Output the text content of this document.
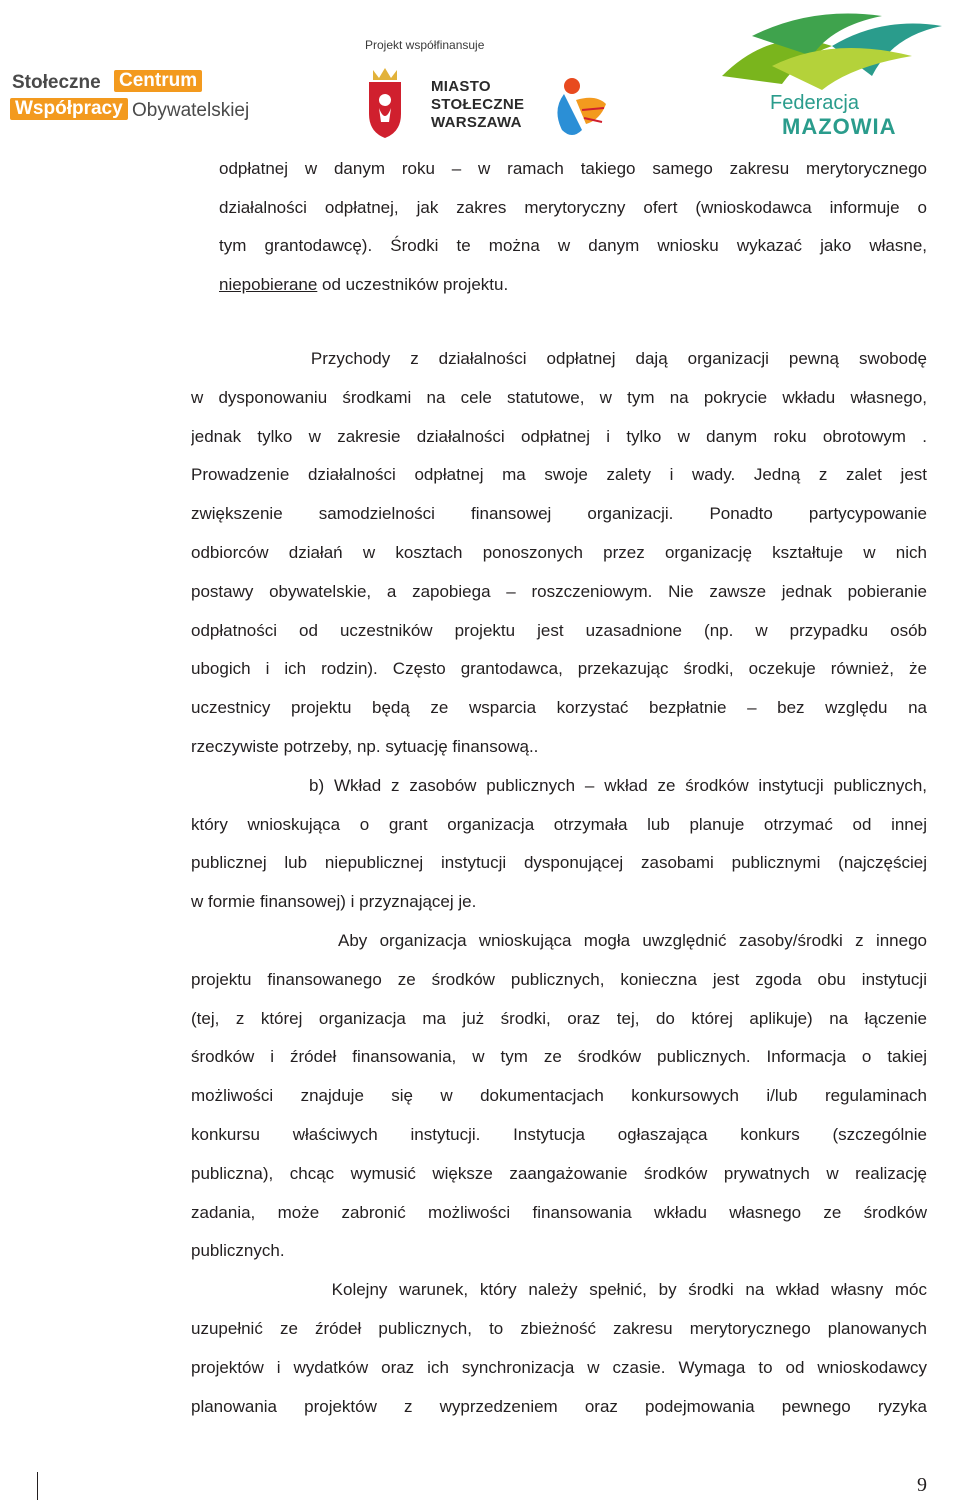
Stołeczne Centrum
Współpracy Obywatelskiej
Projekt współfinansuje
MIASTO
STOŁECZNE
WARSZAWA
Federacja
MAZOWIA
odpłatnej w danym roku – w ramach takiego samego zakresu merytorycznego
działalności odpłatnej, jak zakres merytoryczny ofert (wnioskodawca informuje o
tym grantodawcę). Środki te można w danym wniosku wykazać jako własne,
niepobierane od uczestników projektu.
Przychody  z  działalności  odpłatnej  dają  organizacji  pewną  swobodę
w dysponowaniu środkami na cele statutowe, w tym na pokrycie wkładu własnego,
jednak tylko w zakresie działalności odpłatnej i tylko w danym roku obrotowym .
Prowadzenie działalności odpłatnej ma swoje zalety i wady. Jedną z zalet jest
zwiększenie samodzielności finansowej organizacji. Ponadto partycypowanie
odbiorców działań w kosztach ponoszonych przez organizację kształtuje w nich
postawy obywatelskie, a zapobiega – roszczeniowym. Nie zawsze jednak pobieranie
odpłatności od uczestników projektu jest uzasadnione (np. w przypadku osób
ubogich i ich rodzin). Często grantodawca, przekazując środki, oczekuje również, że
uczestnicy projektu będą ze wsparcia korzystać bezpłatnie – bez względu na
rzeczywiste potrzeby, np. sytuację finansową..
b) Wkład z zasobów publicznych – wkład ze środków instytucji publicznych,
który wnioskująca o grant organizacja otrzymała lub planuje otrzymać od innej
publicznej lub niepublicznej instytucji dysponującej zasobami publicznymi (najczęściej
w formie finansowej) i przyznającej je.
Aby organizacja wnioskująca mogła uwzględnić zasoby/środki z innego
projektu finansowanego ze środków publicznych, konieczna jest zgoda obu instytucji
(tej, z której organizacja ma już środki, oraz tej, do której aplikuje) na łączenie
środków i źródeł finansowania, w tym ze środków publicznych. Informacja o takiej
możliwości znajduje się w dokumentacjach konkursowych i/lub regulaminach
konkursu właściwych instytucji. Instytucja ogłaszająca konkurs (szczególnie
publiczna), chcąc wymusić większe zaangażowanie środków prywatnych w realizację
zadania, może zabronić możliwości finansowania wkładu własnego ze środków
publicznych.
Kolejny warunek, który należy spełnić, by środki na wkład własny móc
uzupełnić ze źródeł publicznych, to zbieżność zakresu merytorycznego planowanych
projektów i wydatków oraz ich synchronizacja w czasie. Wymaga to od wnioskodawcy
planowania projektów z wyprzedzeniem oraz podejmowania pewnego ryzyka
9
